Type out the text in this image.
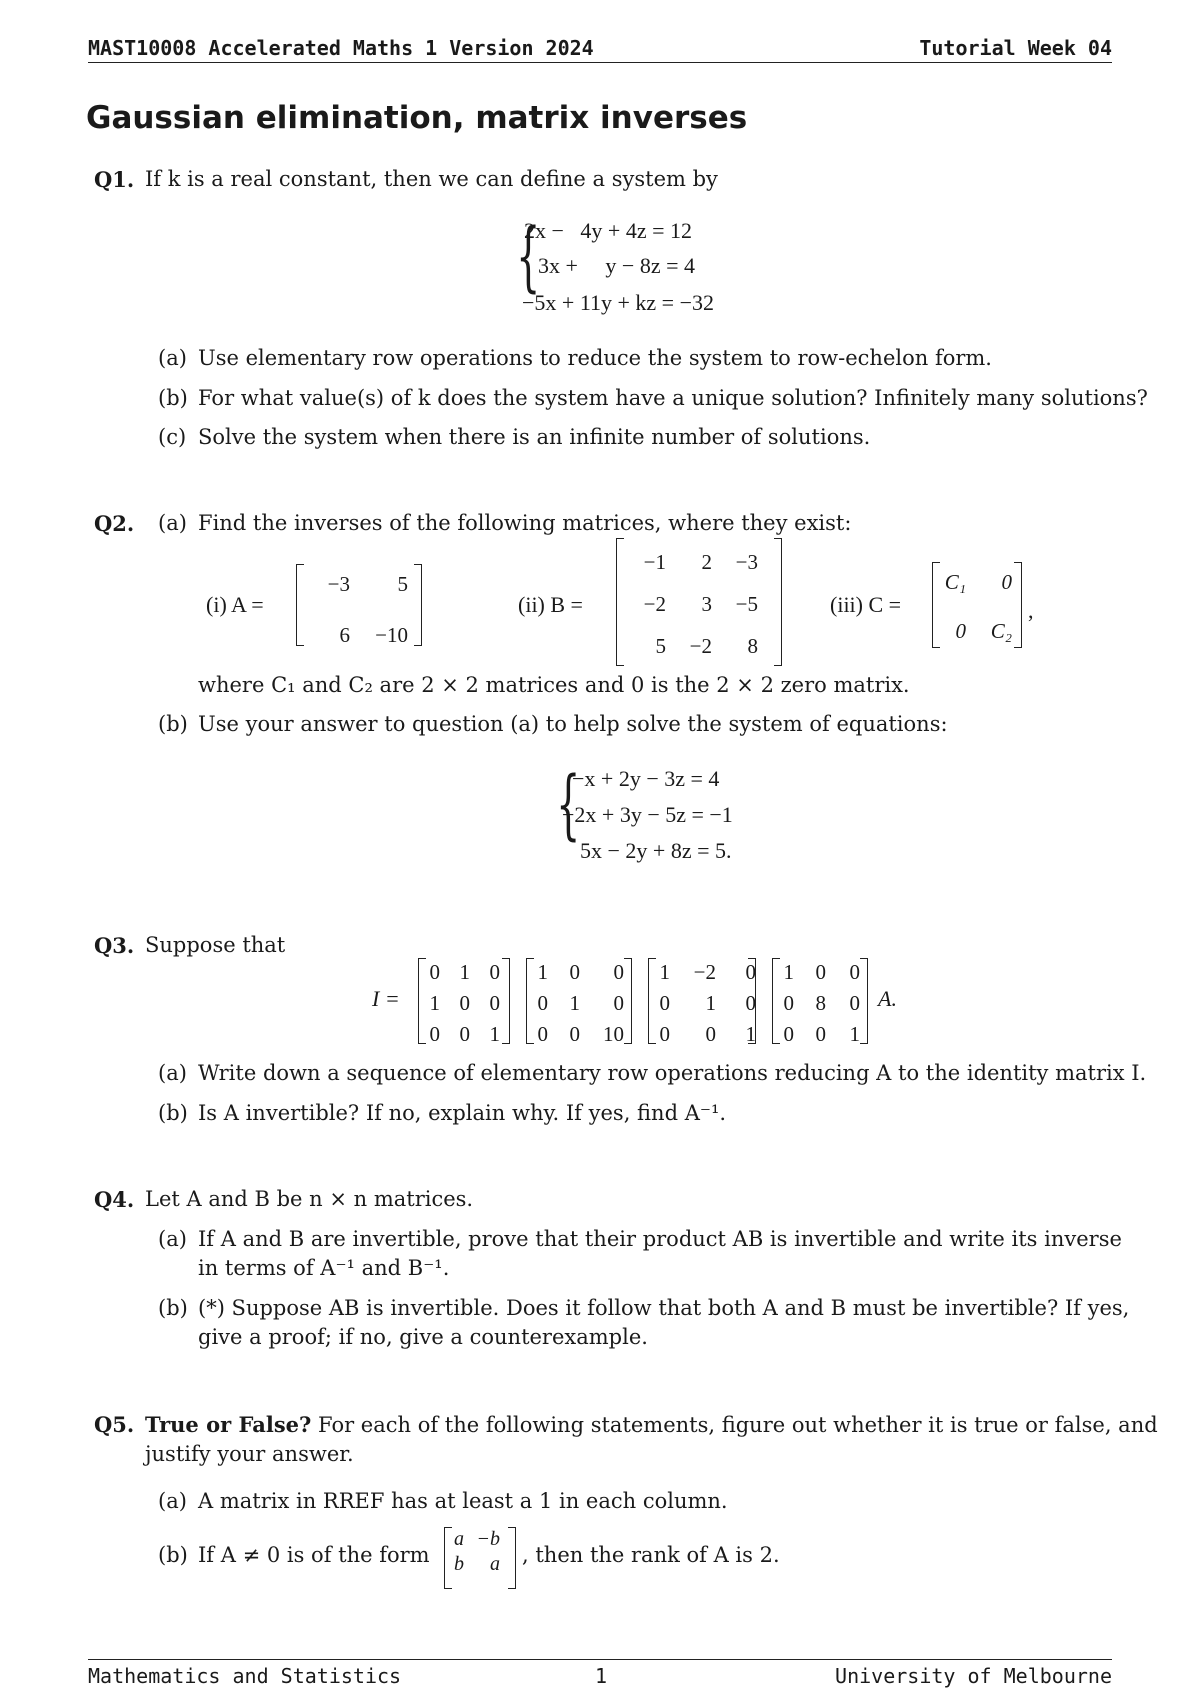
MAST10008 Accelerated Maths 1 Version 2024	Tutorial Week 04
Gaussian elimination, matrix inverses
Q1. If k is a real constant, then we can define a system by
{
2x −   4y + 4z = 12
3x +     y − 8z = 4
−5x + 11y + kz = −32
(a) Use elementary row operations to reduce the system to row-echelon form.
(b) For what value(s) of k does the system have a unique solution? Infinitely many solutions?
(c) Solve the system when there is an infinite number of solutions.
Q2. (a) Find the inverses of the following matrices, where they exist:
(i) A =
−3	5
6	−10
(ii) B =
−1	2	−3
−2	3	−5
5	−2	8
(iii) C =
C₁	0
0	C₂
,
where C₁ and C₂ are 2 × 2 matrices and 0 is the 2 × 2 zero matrix.
(b) Use your answer to question (a) to help solve the system of equations:
{
−x + 2y − 3z = 4
−2x + 3y − 5z = −1
5x − 2y + 8z = 5.
Q3. Suppose that
I =
0 1 0
1 0 0
0 0 1
1	0	0
0	1	0
0	0	10
1	−2	0
0	1	0
0	0	1
1	0	0
0	8	0
0	0	1
A.
(a) Write down a sequence of elementary row operations reducing A to the identity matrix I.
(b) Is A invertible? If no, explain why. If yes, find A⁻¹.
Q4. Let A and B be n × n matrices.
(a) If A and B are invertible, prove that their product AB is invertible and write its inverse
in terms of A⁻¹ and B⁻¹.
(b) (*) Suppose AB is invertible. Does it follow that both A and B must be invertible? If yes,
give a proof; if no, give a counterexample.
Q5. True or False? For each of the following statements, figure out whether it is true or false, and
justify your answer.
(a) A matrix in RREF has at least a 1 in each column.
(b) If A ≠ 0 is of the form
a −b
b	a , then the rank of A is 2.
Mathematics and Statistics	1	University of Melbourne
